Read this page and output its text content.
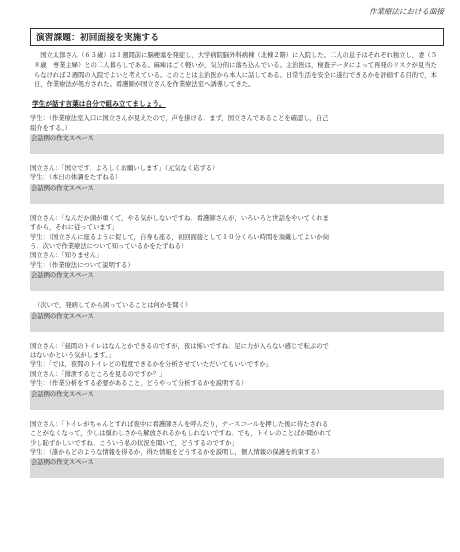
作業療法における面接
演習課題：初回面接を実施する
国立太郎さん（６３歳）は１週間前に脳梗塞を発症し、大学病院脳外科病棟（北棟２階）に入院した。二人の息子はそれぞれ独立し，妻（５８歳　専業主婦）との二人暮らしである。麻痺はごく軽いが，気分的に落ち込んでいる。主治医は，検査データによって再発のリスクが見当たらなければ２週間の入院でよいと考えている。このことは主治医から本人に話してある。日常生活を安全に遂行できるかを評価する目的で，本日，作業療法が処方された。看護師が国立さんを作業療法室へ誘導してきた。
学生が話す言葉は自分で組み立てましょう。
学生：（作業療法室入口に国立さんが見えたので，声を掛ける．まず，国立さんであることを確認し，自己
紹介をする。）
会話例の作文スペース
国立さん：｢国立です．よろしくお願いします｣（元気なく応ずる）
学生：（本日の体調をたずねる）
会話例の作文スペース
国立さん：「なんだか頭が重くて，やる気がしないですね．看護師さんが，いろいろと世話をやいてくれま
すから，それに従っています」
学生：（国立さんに座るように促して，自身も座る，初回面接として１０分くらい時間を頂戴してよいか伺
う．次いで作業療法について知っているかをたずねる）
国立さん：｢知りません｣
学生：（作業療法について説明する）
会話例の作文スペース
（次いで，発病してから困っていることは何かを聞く）
会話例の作文スペース
国立さん：「昼間のトイレはなんとかできるのですが，夜は怖いですね．足に力が入らない感じで転ぶので
はないかという気がします。」
学生：｢では，夜間のトイレどの程度できるかを分析させていただいてもいいですか｣
国立さん：｢排泄するところを見るのですか？｣
学生：（作業分析をする必要があること，どうやって分析するかを説明する）
会話例の作文スペース
国立さん：「トイレがちゃんとすれば夜中に看護師さんを呼んだり，ナースコールを押した後に待たされる
ことがなくなって，少しは煩わしさから解放されるかもしれないですね．でも，トイレのことばか聞かれて
少し恥ずかしいですね．こういう私の状況を聞いて，どうするのですか」
学生：（誰からどのような情報を得るか，得た情報をどうするかを説明し，個人情報の保護を約束する）
会話例の作文スペース
